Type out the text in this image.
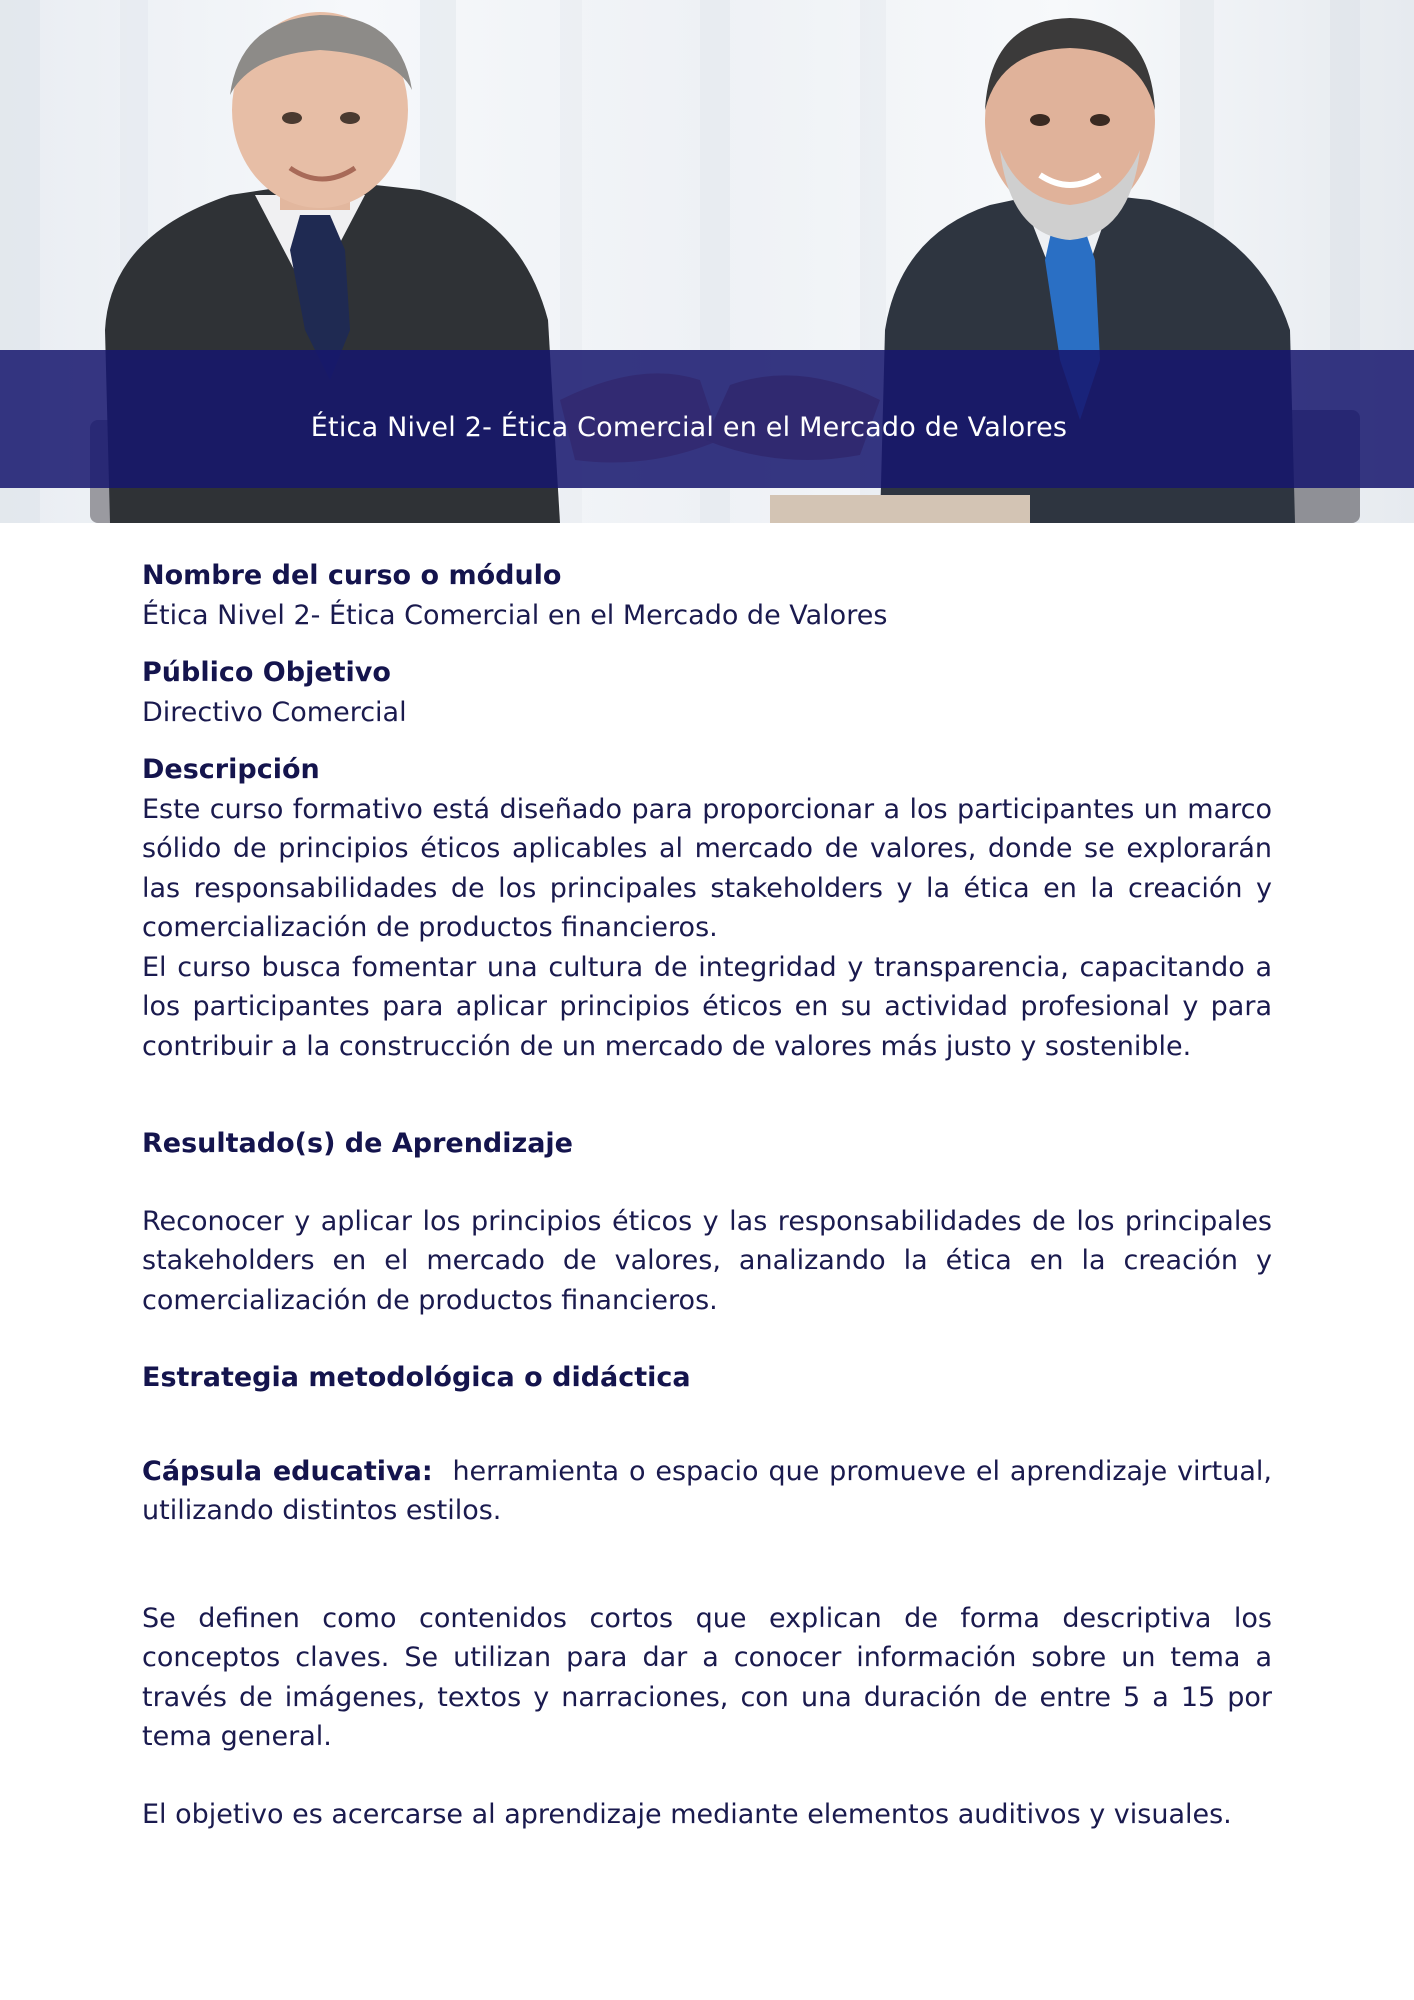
Ética Nivel 2- Ética Comercial en el Mercado de Valores

Nombre del curso o módulo

Ética Nivel 2- Ética Comercial en el Mercado de Valores

Público Objetivo

Directivo Comercial

Descripción

Este curso formativo está diseñado para proporcionar a los participantes un marco sólido de principios éticos aplicables al mercado de valores, donde se explorarán las responsabilidades de los principales stakeholders y la ética en la creación y comercialización de productos financieros.

El curso busca fomentar una cultura de integridad y transparencia, capacitando a los participantes para aplicar principios éticos en su actividad profesional y para contribuir a la construcción de un mercado de valores más justo y sostenible.

Resultado(s) de Aprendizaje

Reconocer y aplicar los principios éticos y las responsabilidades de los principales stakeholders en el mercado de valores, analizando la ética en la creación y comercialización de productos financieros.

Estrategia metodológica o didáctica

Cápsula educativa: herramienta o espacio que promueve el aprendizaje virtual, utilizando distintos estilos.

Se definen como contenidos cortos que explican de forma descriptiva los conceptos claves. Se utilizan para dar a conocer información sobre un tema a través de imágenes, textos y narraciones, con una duración de entre 5 a 15 por tema general.

El objetivo es acercarse al aprendizaje mediante elementos auditivos y visuales.
